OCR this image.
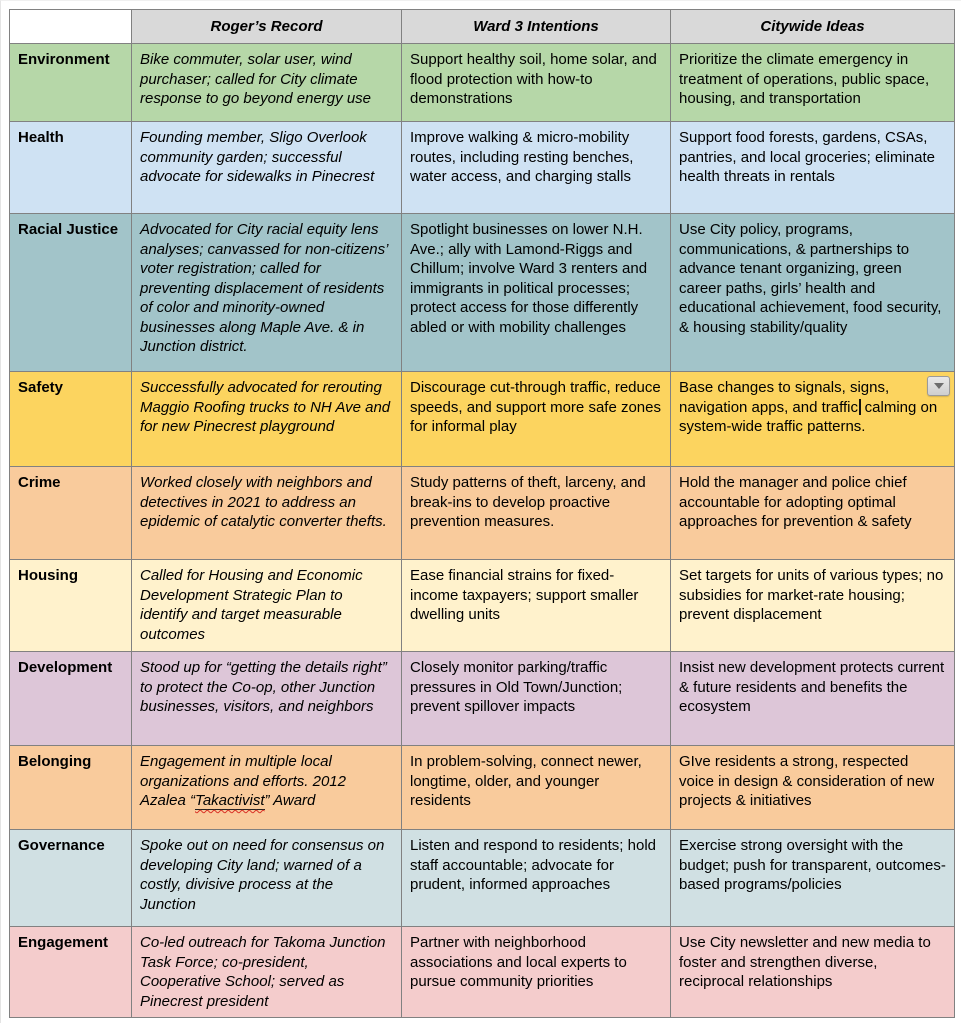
	Roger’s Record	Ward 3 Intentions	Citywide Ideas
Environment	Bike commuter, solar user, wind purchaser; called for City climate response to go beyond energy use	Support healthy soil, home solar, and flood protection with how-to demonstrations	Prioritize the climate emergency in treatment of operations, public space, housing, and transportation
Health	Founding member, Sligo Overlook community garden; successful advocate for sidewalks in Pinecrest	Improve walking & micro-mobility routes, including resting benches, water access, and charging stalls	Support food forests, gardens, CSAs, pantries, and local groceries; eliminate health threats in rentals
Racial Justice	Advocated for City racial equity lens analyses; canvassed for non-citizens’ voter registration; called for preventing displacement of residents of color and minority-owned businesses along Maple Ave. & in Junction district.	Spotlight businesses on lower N.H. Ave.; ally with Lamond-Riggs and Chillum; involve Ward 3 renters and immigrants in political processes; protect access for those differently abled or with mobility challenges	Use City policy, programs, communications, & partnerships to advance tenant organizing, green career paths, girls’ health and educational achievement, food security, & housing stability/quality
Safety	Successfully advocated for rerouting Maggio Roofing trucks to NH Ave and for new Pinecrest playground	Discourage cut-through traffic, reduce speeds, and support more safe zones for informal play	Base changes to signals, signs, navigation apps, and traffic calming on system-wide traffic patterns.

Crime	Worked closely with neighbors and detectives in 2021 to address an epidemic of catalytic converter thefts.	Study patterns of theft, larceny, and break-ins to develop proactive prevention measures.	Hold the manager and police chief accountable for adopting optimal approaches for prevention & safety
Housing	Called for Housing and Economic Development Strategic Plan to identify and target measurable outcomes	Ease financial strains for fixed-income taxpayers; support smaller dwelling units	Set targets for units of various types; no subsidies for market-rate housing; prevent displacement
Development	Stood up for “getting the details right” to protect the Co-op, other Junction businesses, visitors, and neighbors	Closely monitor parking/traffic pressures in Old Town/Junction; prevent spillover impacts	Insist new development protects current & future residents and benefits the ecosystem
Belonging	Engagement in multiple local organizations and efforts. 2012 Azalea “Takactivist” Award	In problem-solving, connect newer, longtime, older, and younger residents	GIve residents a strong, respected voice in design & consideration of new projects & initiatives
Governance	Spoke out on need for consensus on developing City land; warned of a costly, divisive process at the Junction	Listen and respond to residents; hold staff accountable; advocate for prudent, informed approaches	Exercise strong oversight with the budget; push for transparent, outcomes-based programs/policies
Engagement	Co-led outreach for Takoma Junction Task Force; co-president, Cooperative School; served as Pinecrest president	Partner with neighborhood associations and local experts to pursue community priorities	Use City newsletter and new media to foster and strengthen diverse, reciprocal relationships
